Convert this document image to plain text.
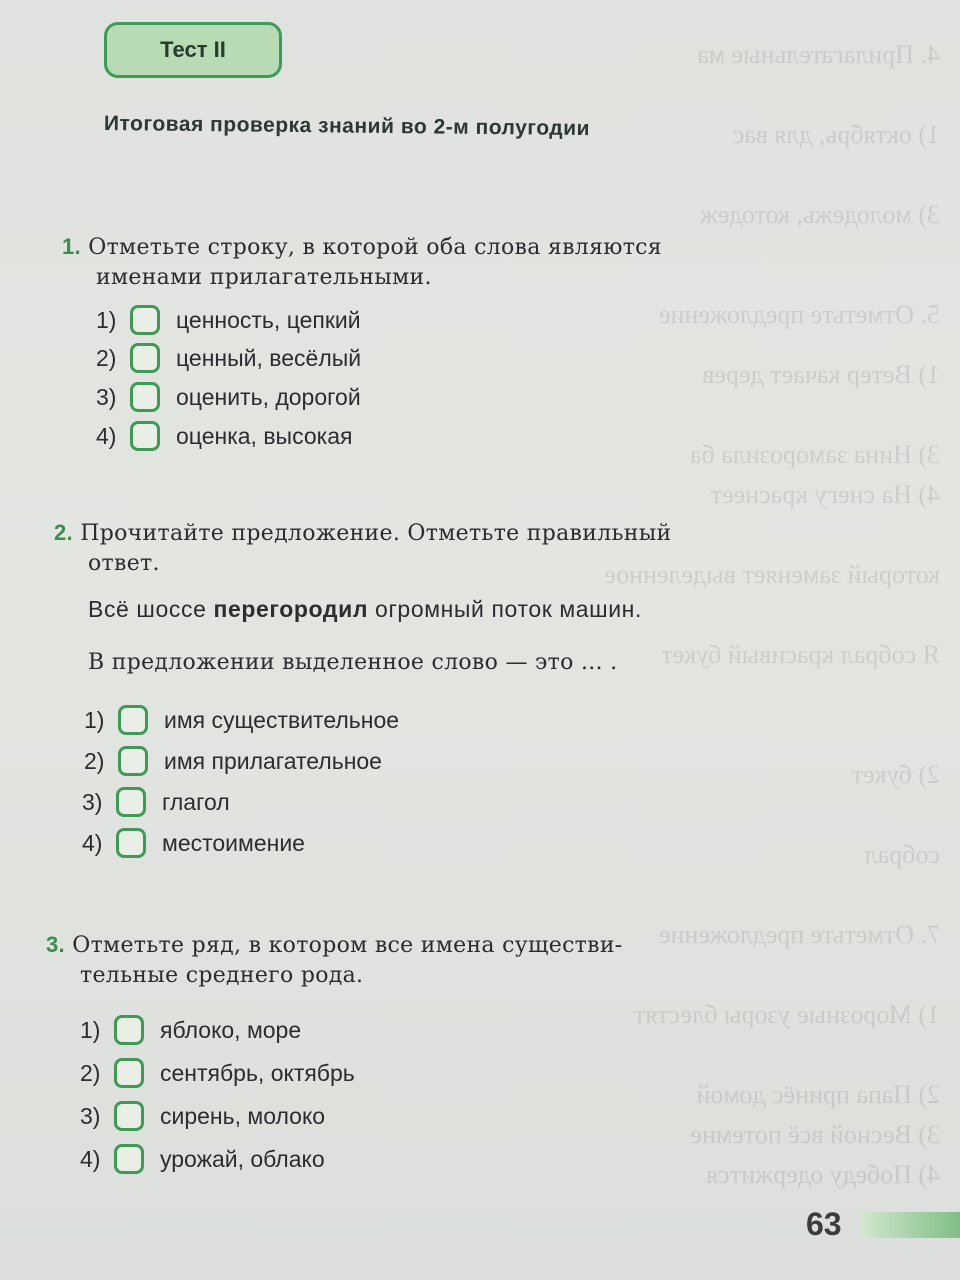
4. Прилагательные ма
1) октябрь, для вас
3) молодежь, котодеж
5. Отметьте предложение
1) Ветер качает дерев
3) Нина заморозила ба
4) На снегу краснеет
который заменяет выделенное
Я собрал красивый букет
2) букет
собрал
7. Отметьте предложение
1) Морозные узоры блестят
2) Папа принёс домой
3) Весной всё потемне
4) Победу одержится
Тест II
Итоговая проверка знаний во 2-м полугодии
1. Отметьте строку, в которой оба слова являются
именами прилагательными.
1)	ценность, цепкий
2)	ценный, весёлый
3)	оценить, дорогой
4)	оценка, высокая
2. Прочитайте предложение. Отметьте правильный
ответ.
Всё шоссе перегородил огромный поток машин.
В предложении выделенное слово — это ... .
1)	имя существительное
2)	имя прилагательное
3)	глагол
4)	местоимение
3. Отметьте ряд, в котором все имена существи-
тельные среднего рода.
1)	яблоко, море
2)	сентябрь, октябрь
3)	сирень, молоко
4)	урожай, облако
63
